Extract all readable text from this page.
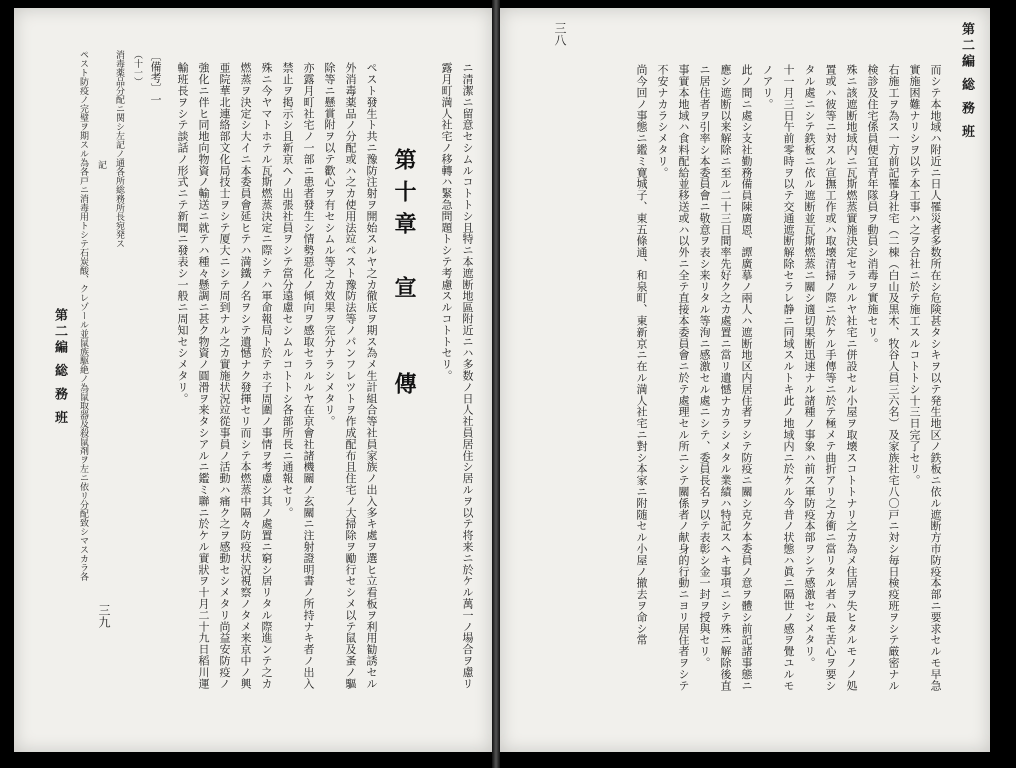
第二編 総 務 班
三八

而シテ本地域ハ附近ニ日人罹災者多数所在シ危険甚タシキヲ以テ発生地区ノ鉄板ニ依ル遮断方市防疫本部ニ要求セルモ早急實施困難ナリシヲ以テ本工事ハ之ヲ合社ニ於テ施工スルコトトシ十三日完了セリ。

右施工ヲ為ス一方前記罹身社宅（二棟（白山及黒木、牧谷人員三六名）及家族社宅八〇戸ニ対シ毎日検疫班ヲシテ厳密ナル検診及住宅係員便宜青年隊員ヲ動員シ消毒ヲ實施セリ。

殊ニ該遮断地域内ニ瓦斯燃蒸實施決定セラルルヤ社宅ニ併設セル小屋ヲ取壊スコトトナリ之カ為メ住居ヲ失ヒタルモノノ処置或ハ彼等ニ対スル宣撫工作或ハ取壊清掃ノ際ニ於ケル手傳等ニ於テ極メテ曲折アリ之カ衝ニ當リタル者ハ最モ苦心ヲ要シタル處ニシテ鉄板ニ依ル遮断並瓦斯燃蒸ニ關シ適切果断迅速ナル諸種ノ事象ハ前ス軍防疫本部ヲシテ感激セシメタリ。

十一月三日午前零時ヲ以テ交通遮断解除セラレ静ニ同域スルトキ此ノ地域内ニ於ケル今昔ノ状態ハ眞ニ隔世ノ感ヲ覺ユルモノアリ。

此ノ間ニ處シ支社勤務備員陳廣恩、譚廣摹ノ兩人ハ遮断地区内居住者ヲシテ防疫ニ關シ克ク本委員ノ意ヲ體シ前記諸事態ニ應シ遮断以来解除ニ至ル二十三日間率先好ク之カ處置ニ當リ遺憾ナカラシメタル業績ハ特記スヘキ事項ニシテ殊ニ解除後直ニ居住者ヲ引率シ本委員會ニ敬意ヲ表シ来リタル等洵ニ感激セル處ニシテ、委員長名ヲ以テ表彰シ金一封ヲ授與セリ。

事實本地域ハ食料配給並移送或ハ以外ニ全テ直接本委員會ニ於テ處理セル所ニシテ關係者ノ献身的行動ニヨリ居住者ヲシテ不安ナカラシメタリ。

尚今回ノ事態ニ鑑ミ寛城子、東五條通、和泉町、東新京ニ在ル満人社宅ニ對シ本家ニ附随セル小屋ノ撤去ヲ命シ常

第二編 総 務 班
三九	ニ清潔ニ留意セシムルコトトシ且特ニ本遮断地區附近ニハ多数ノ日人社員居住シ居ルヲ以テ将来ニ於ケル萬一ノ場合ヲ慮リ露月町満人社宅ノ移轉ハ緊急問題トシテ考慮スルコトトセリ。

第十章　宣　　傳

ペスト發生ト共ニ豫防注射ヲ開始スルヤ之カ徹底ヲ期ス為メ生計組合等社員家族ノ出入多キ處ヲ選ヒ立看板ヲ利用勧誘セル外消毒薬品ノ分配或ハ之カ使用法竝ペスト豫防法等ノパンフレツトヲ作成配布且住宅ノ大掃除ヲ勵行セシメ以テ鼠及蚤ノ驅除等ニ懸賞附ヲ以テ歡心ヲ有セシムル等之カ效果ヲ完分ナラシメタリ。

亦露月町社宅ノ一部ニ患者發生シ情勢惡化ノ傾向ヲ感取セラルルヤ在京會社諸機關ノ玄關ニ注射證明書ノ所持ナキ者ノ出入禁止ヲ掲示シ且新京ヘノ出張社員ヲシテ當分遠慮セシムルコトトシ各部所長ニ通報セリ。

殊ニ今ヤマトホテル瓦斯燃蒸決定ニ際シテハ軍命報局ト於テホ子周圍ノ事情ヲ考慮シ其ノ處置ニ窮シ居リタル際進ンテ之カ燃蒸ヲ決定シ大イニ本委員會延ヒテハ満鐵ノ名ヲシテ遺憾ナク發揮セリ而シテ本燃蒸中隔々防疫状況視察ノタメ来京中ノ興亜院華北連絡部文化局技士ヲシテ厦大ニシテ周到ナル之カ實施状況竝從事員ノ活動ハ痛ク之ヲ感動セシメタリ尚益安防疫ノ強化ニ伴ヒ同地向物資ノ輸送ニ就テハ種々懸調ニ甚ク物資ノ圓滑ヲ来タシアルニ鑑ミ聯ニ於ケル實狀ヲ十月二十九日稻川運輸班長ヲシテ談話ノ形式ニテ新聞ニ發表シ一般ニ周知セシメタリ。

〔備考〕一

（十一）

消毒薬品分配ニ関シ左記ノ通各所総務所長宛発ス

記

ペスト防疫ノ完璧ヲ期スル為各戸ニ消毒用トシテ石炭酸、クレゾール並鼠族駆絶ノ為鼠取器及殺鼠剤ヲ左ニ依リ分配致シマスカラ各
